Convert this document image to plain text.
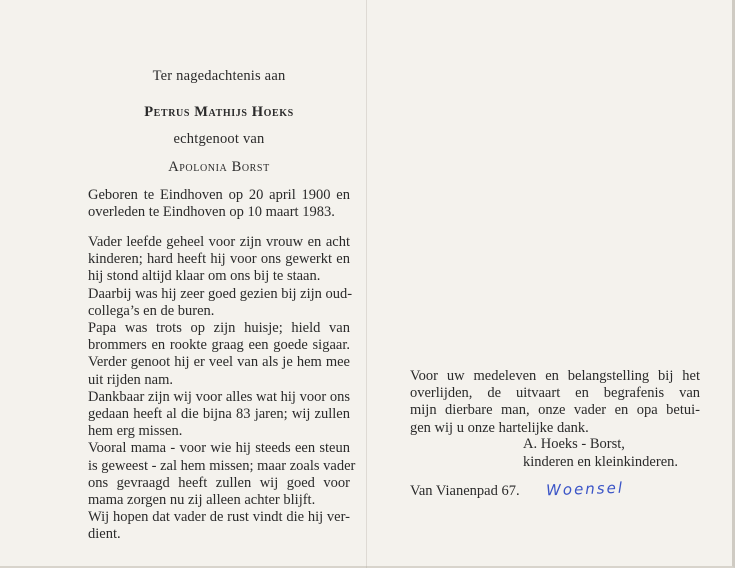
Ter nagedachtenis aan
Petrus Mathijs Hoeks
echtgenoot van
Apolonia Borst
Geboren te Eindhoven op 20 april 1900 en
overleden te Eindhoven op 10 maart 1983.
Vader leefde geheel voor zijn vrouw en acht
kinderen; hard heeft hij voor ons gewerkt en
hij stond altijd klaar om ons bij te staan.
Daarbij was hij zeer goed gezien bij zijn oud-
collega’s en de buren.
Papa was trots op zijn huisje; hield van
brommers en rookte graag een goede sigaar.
Verder genoot hij er veel van als je hem mee
uit rijden nam.
Dankbaar zijn wij voor alles wat hij voor ons
gedaan heeft al die bijna 83 jaren; wij zullen
hem erg missen.
Vooral mama - voor wie hij steeds een steun
is geweest - zal hem missen; maar zoals vader
ons gevraagd heeft zullen wij goed voor
mama zorgen nu zij alleen achter blijft.
Wij hopen dat vader de rust vindt die hij ver-
dient.
Voor uw medeleven en belangstelling bij het
overlijden, de uitvaart en begrafenis van
mijn dierbare man, onze vader en opa betui-
gen wij u onze hartelijke dank.
A. Hoeks - Borst,
kinderen en kleinkinderen.
Van Vianenpad 67. Woensel
